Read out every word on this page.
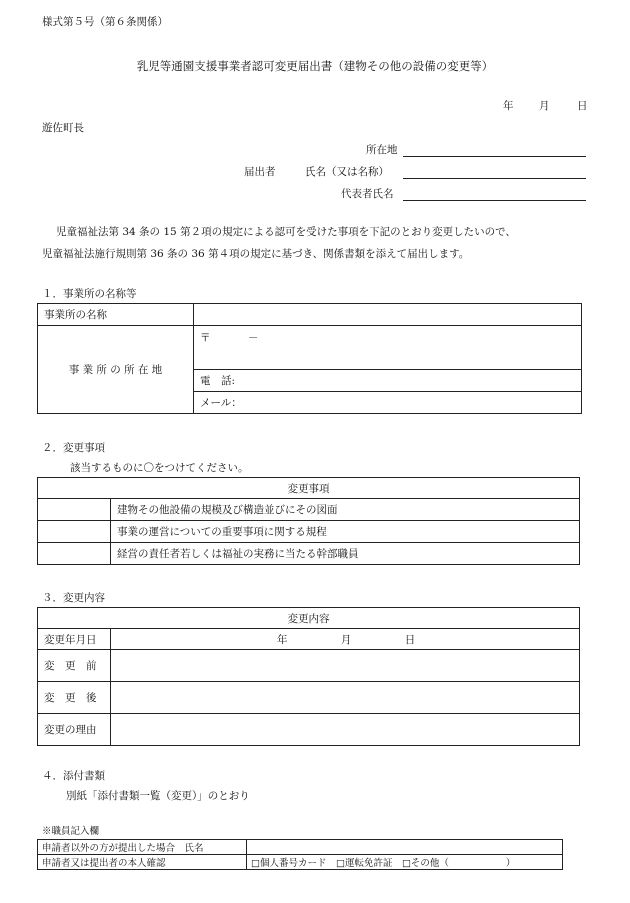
様式第５号（第６条関係）
乳児等通園支援事業者認可変更届出書（建物その他の設備の変更等）
年 月	日
遊佐町長
所在地
届出者	氏名（又は名称）
代表者氏名
児童福祉法第 34 条の 15 第２項の規定による認可を受けた事項を下記のとおり変更したいので、
児童福祉法施行規則第 36 条の 36 第４項の規定に基づき、関係書類を添えて届出します。
１．事業所の名称等
事業所の名称	
事 業 所 の 所 在 地	〒 －
	電　話:
	メール：
２．変更事項
該当するものに〇をつけてください。
変更事項	
	建物その他設備の規模及び構造並びにその図面
	事業の運営についての重要事項に関する規程
	経営の責任者若しくは福祉の実務に当たる幹部職員
３．変更内容
変更内容	
変更年月日	年 月 日
変　更　前	
変　更　後	
変更の理由	
４．添付書類
別紙「添付書類一覧（変更）」のとおり
※職員記入欄
申請者以外の方が提出した場合　氏名	
申請者又は提出者の本人確認	□個人番号カード　□運転免許証　□その他（　　　　　　）
